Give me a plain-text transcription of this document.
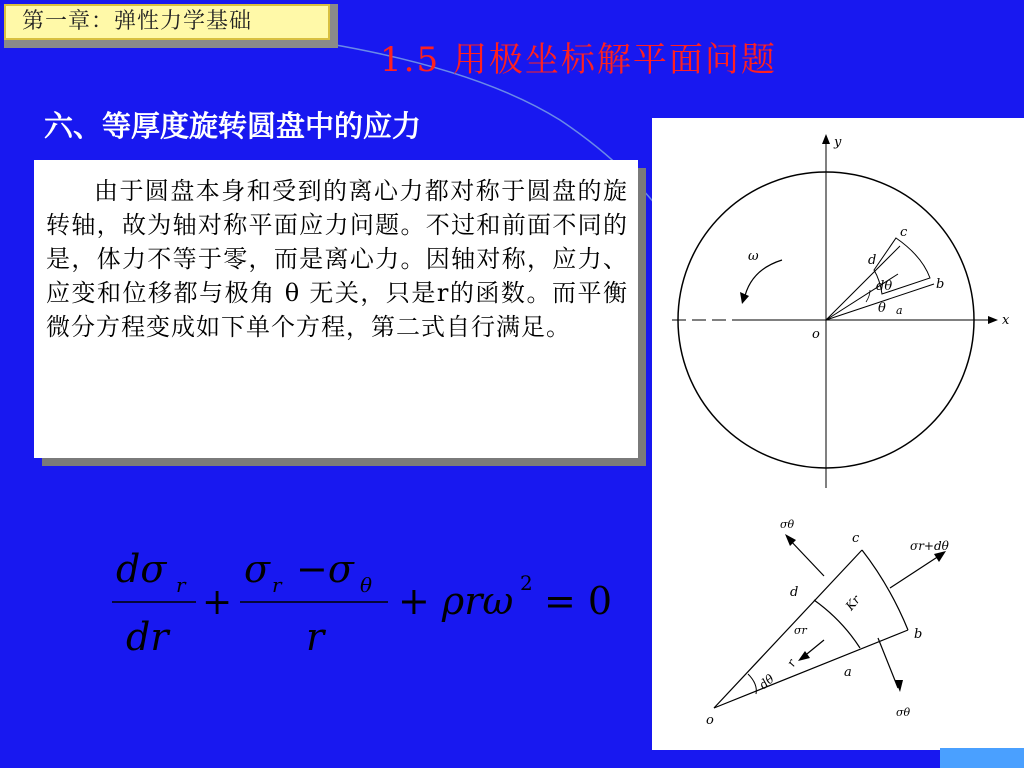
第一章：弹性力学基础
1.5 用极坐标解平面问题
六、等厚度旋转圆盘中的应力

由于圆盘本身和受到的离心力都对称于圆盘的旋转轴，故为轴对称平面应力问题。不过和前面不同的是，体力不等于零，而是离心力。因轴对称，应力、应变和位移都与极角 θ 无关，只是r的函数。而平衡微分方程变成如下单个方程，第二式自行满足。

dσ r
dr
+
σ r −σ θ
r
+ ρrω 2 = 0
y
x
o
ω
c
d
b
a
dθ
θ
σθ
c	σr+dθ
d
Kr
σr
r
b
dθ	a
o
σθ
